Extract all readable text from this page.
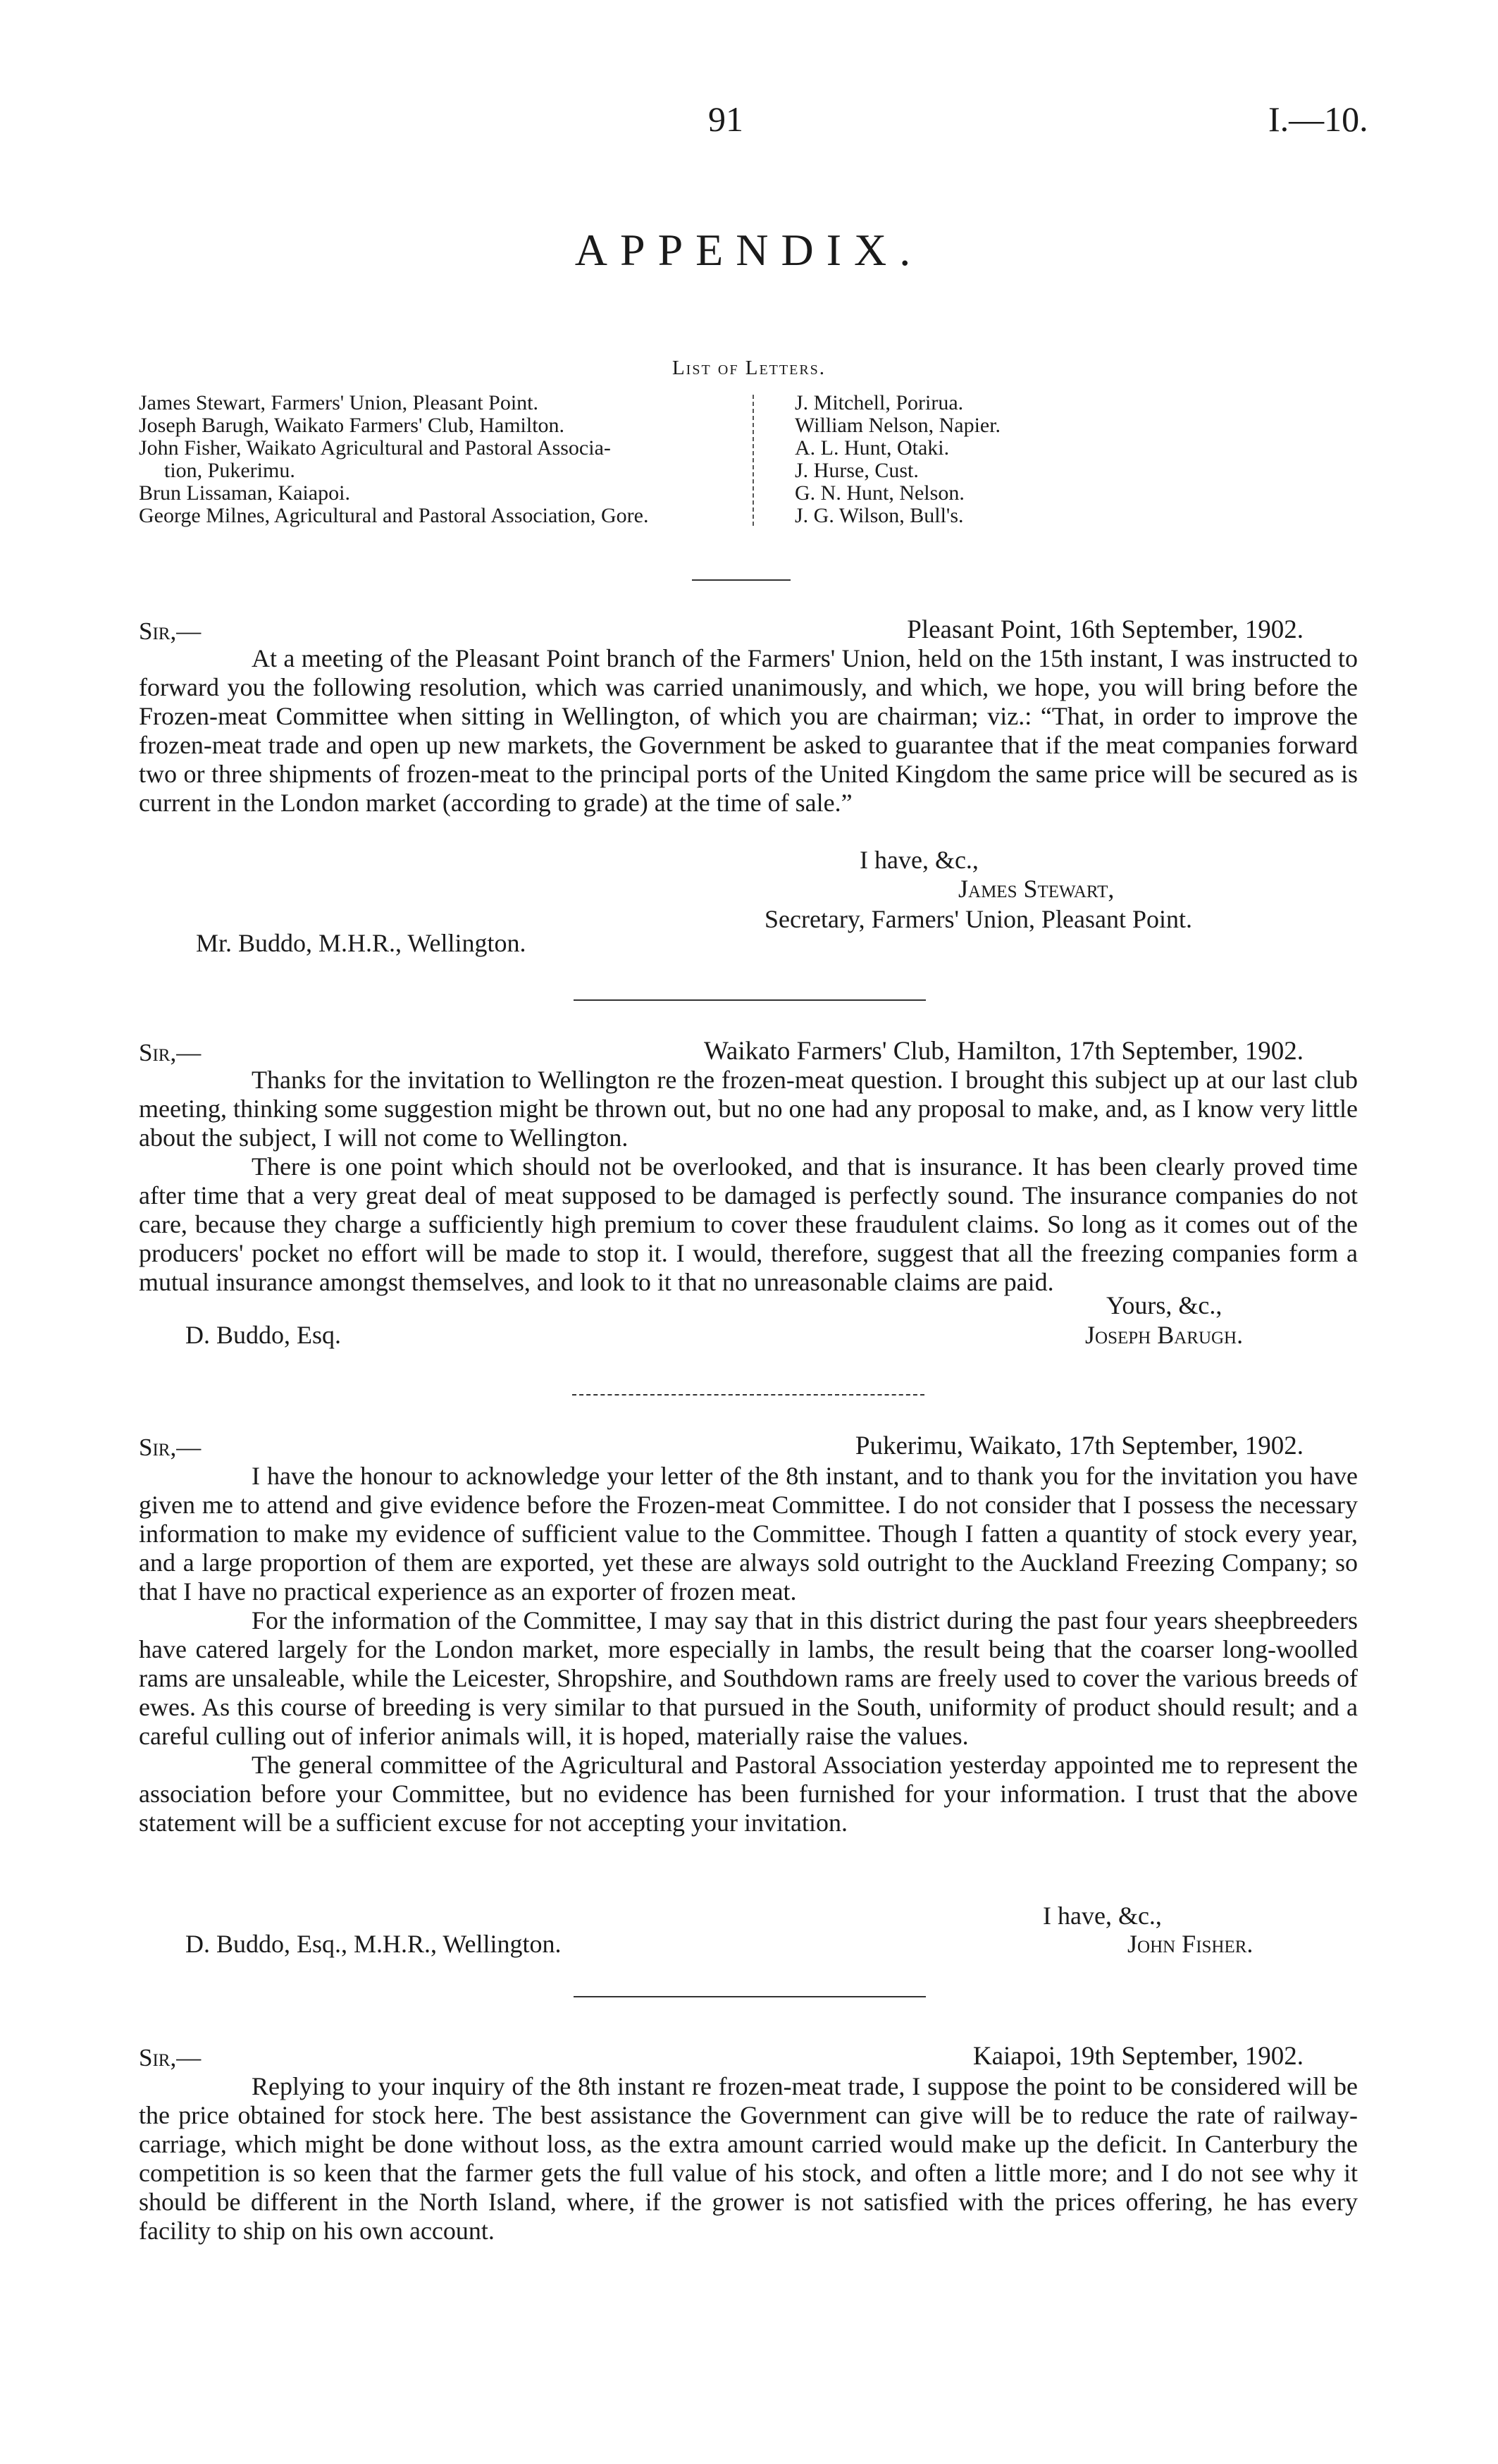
91	I.—10.
APPENDIX.
List of Letters.
James Stewart, Farmers' Union, Pleasant Point.
Joseph Barugh, Waikato Farmers' Club, Hamilton.
John Fisher, Waikato Agricultural and Pastoral Associa-
tion, Pukerimu.
Brun Lissaman, Kaiapoi.
George Milnes, Agricultural and Pastoral Association, Gore.
J. Mitchell, Porirua.
William Nelson, Napier.
A. L. Hunt, Otaki.
J. Hurse, Cust.
G. N. Hunt, Nelson.
J. G. Wilson, Bull's.
Sir,—	Pleasant Point, 16th September, 1902.

At a meeting of the Pleasant Point branch of the Farmers' Union, held on the 15th instant, I was instructed to forward you the following resolution, which was carried unanimously, and which, we hope, you will bring before the Frozen-meat Committee when sitting in Wellington, of which you are chairman; viz.: “That, in order to improve the frozen-meat trade and open up new markets, the Government be asked to guarantee that if the meat companies forward two or three shipments of frozen-meat to the principal ports of the United Kingdom the same price will be secured as is current in the London market (according to grade) at the time of sale.”

I have, &c.,
James Stewart,
Secretary, Farmers' Union, Pleasant Point.
Mr. Buddo, M.H.R., Wellington.
Sir,—	Waikato Farmers' Club, Hamilton, 17th September, 1902.

Thanks for the invitation to Wellington re the frozen-meat question. I brought this subject up at our last club meeting, thinking some suggestion might be thrown out, but no one had any proposal to make, and, as I know very little about the subject, I will not come to Wellington.

There is one point which should not be overlooked, and that is insurance. It has been clearly proved time after time that a very great deal of meat supposed to be damaged is perfectly sound. The insurance companies do not care, because they charge a sufficiently high premium to cover these fraudulent claims. So long as it comes out of the producers' pocket no effort will be made to stop it. I would, therefore, suggest that all the freezing companies form a mutual insurance amongst themselves, and look to it that no unreasonable claims are paid.

Yours, &c.,
D. Buddo, Esq.	Joseph Barugh.
Sir,—	Pukerimu, Waikato, 17th September, 1902.

I have the honour to acknowledge your letter of the 8th instant, and to thank you for the invitation you have given me to attend and give evidence before the Frozen-meat Committee. I do not consider that I possess the necessary information to make my evidence of sufficient value to the Committee. Though I fatten a quantity of stock every year, and a large proportion of them are exported, yet these are always sold outright to the Auckland Freezing Company; so that I have no practical experience as an exporter of frozen meat.

For the information of the Committee, I may say that in this district during the past four years sheepbreeders have catered largely for the London market, more especially in lambs, the result being that the coarser long-woolled rams are unsaleable, while the Leicester, Shropshire, and Southdown rams are freely used to cover the various breeds of ewes. As this course of breeding is very similar to that pursued in the South, uniformity of product should result; and a careful culling out of inferior animals will, it is hoped, materially raise the values.

The general committee of the Agricultural and Pastoral Association yesterday appointed me to represent the association before your Committee, but no evidence has been furnished for your information. I trust that the above statement will be a sufficient excuse for not accepting your invitation.

I have, &c.,
D. Buddo, Esq., M.H.R., Wellington.	John Fisher.
Sir,—	Kaiapoi, 19th September, 1902.

Replying to your inquiry of the 8th instant re frozen-meat trade, I suppose the point to be considered will be the price obtained for stock here. The best assistance the Government can give will be to reduce the rate of railway-carriage, which might be done without loss, as the extra amount carried would make up the deficit. In Canterbury the competition is so keen that the farmer gets the full value of his stock, and often a little more; and I do not see why it should be different in the North Island, where, if the grower is not satisfied with the prices offering, he has every facility to ship on his own account.
